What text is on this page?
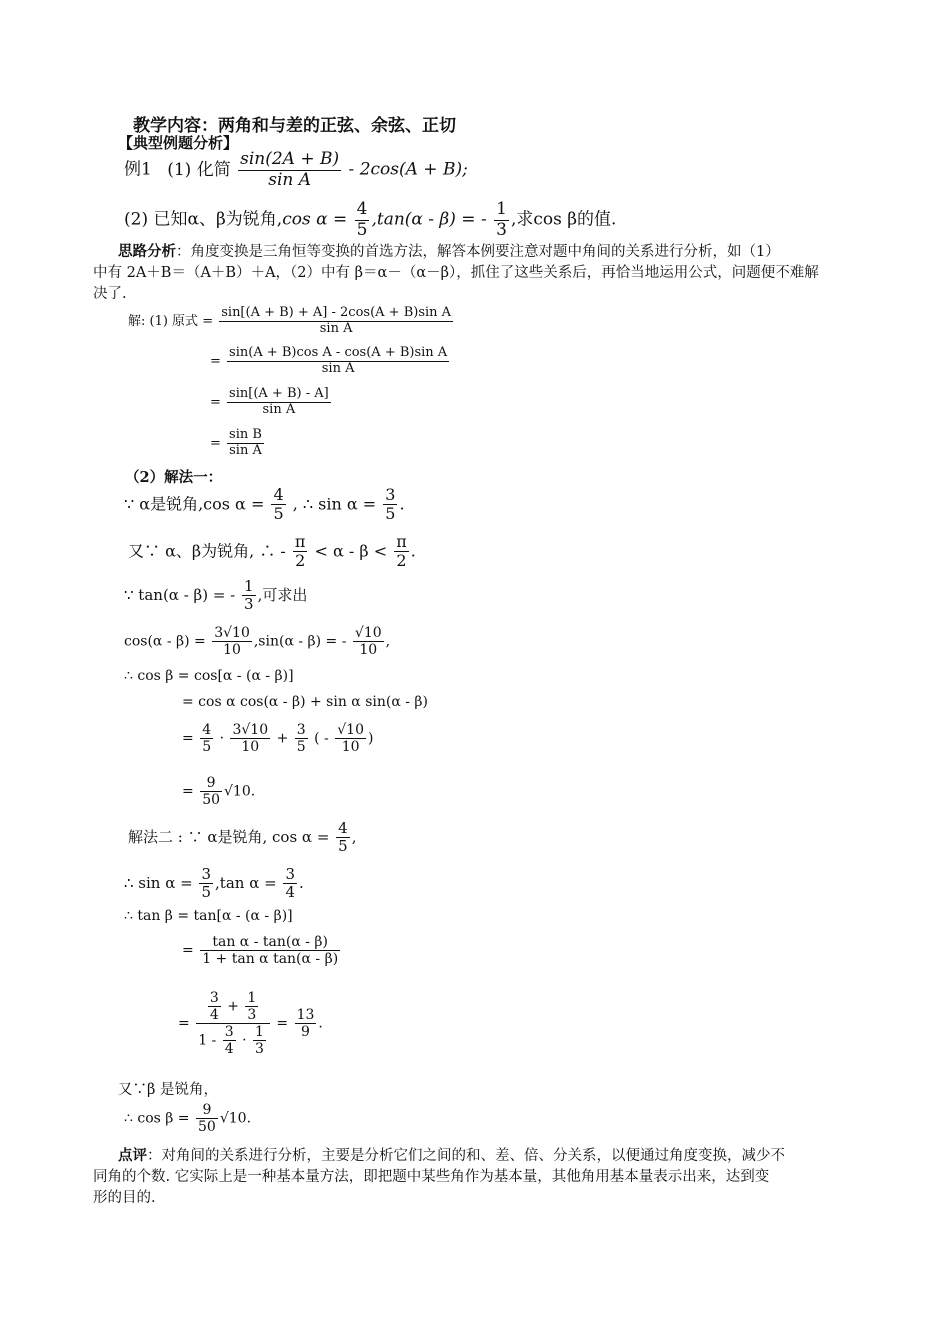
教学内容：两角和与差的正弦、余弦、正切
【典型例题分析】
例1 (1) 化简 $\frac{\sin(2A + B)}{\text{sin A}} - 2\cos(A + B)$;
(2) 已知α、β为锐角,cos $\alpha = \frac{4}{5} ,\tan(\alpha - \beta)$ = - $\frac{1}{3}$ ,求cos β的值.
思路分析：角度变换是三角恒等变换的首选方法，解答本例要注意对题中角间的关系进行分析，如（1）
中有 2A＋B＝（A＋B）＋A，（2）中有 β＝α－（α－β），抓住了这些关系后，再恰当地运用公式，问题便不难解
决了.
解: (1) 原式 = $\frac{\text{sin[(A + B) + A] - 2cos(A + B)sin A}}{\text{sin A}}$
= $\frac{\text{sin(A + B)cos A - cos(A + B)sin A}}{\text{sin A}}$
= $\frac{\sin[(A + B) - A]}{\text{sin A}}$
= $\frac{\text{sin B}}{\text{sin A}}$
（2）解法一：
∵ α是锐角,cos $\alpha = \frac{4}{5}$ , ∴ $\sin \alpha = \frac{3}{5}$ .
又∵ α、β为锐角, ∴ - $\frac{\pi}{2} < \alpha - \beta < \frac{\pi}{2}$ .
∵ tan(α - β) = - $\frac{1}{3}$ ,可求出
$\cos(\alpha - \beta) = \frac{3√10}{10} ,\sin(\alpha - \beta)$ = - $\frac{√10}{10}$ ,
∴ cos β = cos[α - (α - β)]
= cos α cos(α - β) + sin α sin(α - β)
= $\frac{4}{5} \cdot \frac{3√10}{10} + \frac{3}{5}$ ( - $\frac{√10}{10}$ )
= $\frac{9}{50} √10$.
解法二 : ∵ α是锐角, $\cos \alpha = \frac{4}{5}$ ,
∴ $\sin \alpha = \frac{3}{5} ,\tan$ $\alpha = \frac{3}{4}$ .
∴ tan β = tan[α - (α - β)]
= $\frac{\text{tan α - tan(α - β)}}{\text{1 + tan α tan(α - β)}}$
= $\frac{\frac{3}{4} + \frac{1}{3}}{1 - \frac{3}{4} \cdot \frac{1}{3}} = \frac{13}{9}$ .
又∵β 是锐角，
∴ $\cos \beta = \frac{9}{50} √10$.
点评：对角间的关系进行分析，主要是分析它们之间的和、差、倍、分关系，以便通过角度变换，减少不
同角的个数. 它实际上是一种基本量方法，即把题中某些角作为基本量，其他角用基本量表示出来，达到变
形的目的.
